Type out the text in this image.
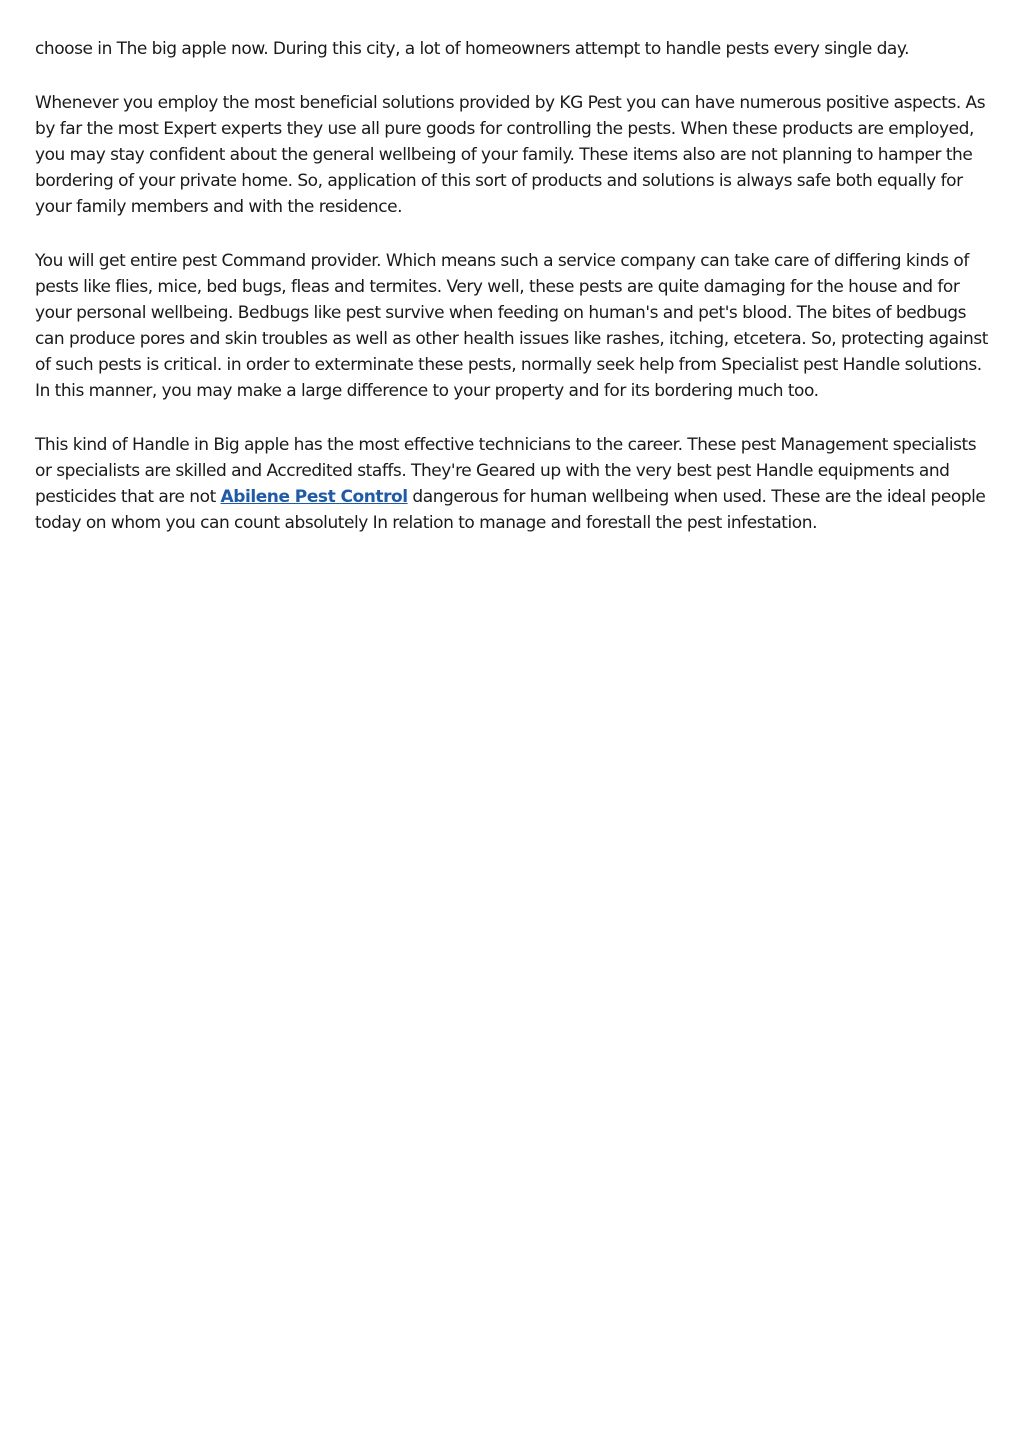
choose in The big apple now. During this city, a lot of homeowners attempt to handle pests every single day.

Whenever you employ the most beneficial solutions provided by KG Pest you can have numerous positive aspects. As by far the most Expert experts they use all pure goods for controlling the pests. When these products are employed, you may stay confident about the general wellbeing of your family. These items also are not planning to hamper the bordering of your private home. So, application of this sort of products and solutions is always safe both equally for your family members and with the residence.

You will get entire pest Command provider. Which means such a service company can take care of differing kinds of pests like flies, mice, bed bugs, fleas and termites. Very well, these pests are quite damaging for the house and for your personal wellbeing. Bedbugs like pest survive when feeding on human's and pet's blood. The bites of bedbugs can produce pores and skin troubles as well as other health issues like rashes, itching, etcetera. So, protecting against of such pests is critical. in order to exterminate these pests, normally seek help from Specialist pest Handle solutions. In this manner, you may make a large difference to your property and for its bordering much too.

This kind of Handle in Big apple has the most effective technicians to the career. These pest Management specialists or specialists are skilled and Accredited staffs. They're Geared up with the very best pest Handle equipments and pesticides that are not Abilene Pest Control dangerous for human wellbeing when used. These are the ideal people today on whom you can count absolutely In relation to manage and forestall the pest infestation.
